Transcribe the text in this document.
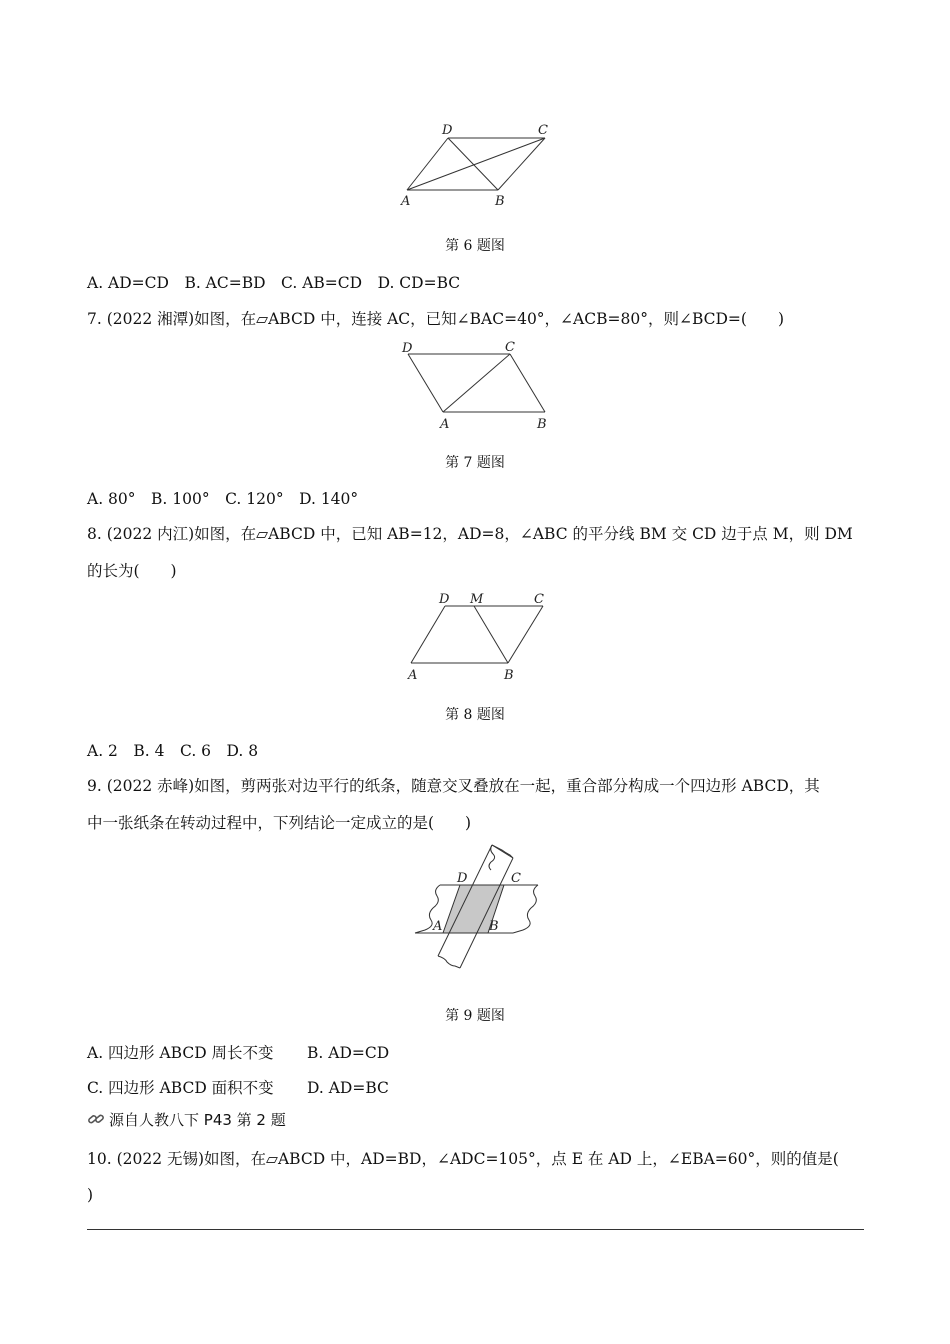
D	C
A	B
第 6 题图
A. AD=CD　B. AC=BD　C. AB=CD　D. CD=BC
7. (2022 湘潭)如图，在▱ABCD 中，连接 AC，已知∠BAC=40°，∠ACB=80°，则∠BCD=(　　)
D	C
A	B
第 7 题图
A. 80°　B. 100°　C. 120°　D. 140°
8. (2022 内江)如图，在▱ABCD 中，已知 AB=12，AD=8，∠ABC 的平分线 BM 交 CD 边于点 M，则 DM
的长为(　　)
D M	C
A	B
第 8 题图
A. 2　B. 4　C. 6　D. 8
9. (2022 赤峰)如图，剪两张对边平行的纸条，随意交叉叠放在一起，重合部分构成一个四边形 ABCD，其
中一张纸条在转动过程中，下列结论一定成立的是(　　)
D	C
A	B
第 9 题图
A. 四边形 ABCD 周长不变 B. AD=CD
C. 四边形 ABCD 面积不变 D. AD=BC
源自人教八下 P43 第 2 题
10. (2022 无锡)如图，在▱ABCD 中，AD=BD，∠ADC=105°，点 E 在 AD 上，∠EBA=60°，则的值是(
)
